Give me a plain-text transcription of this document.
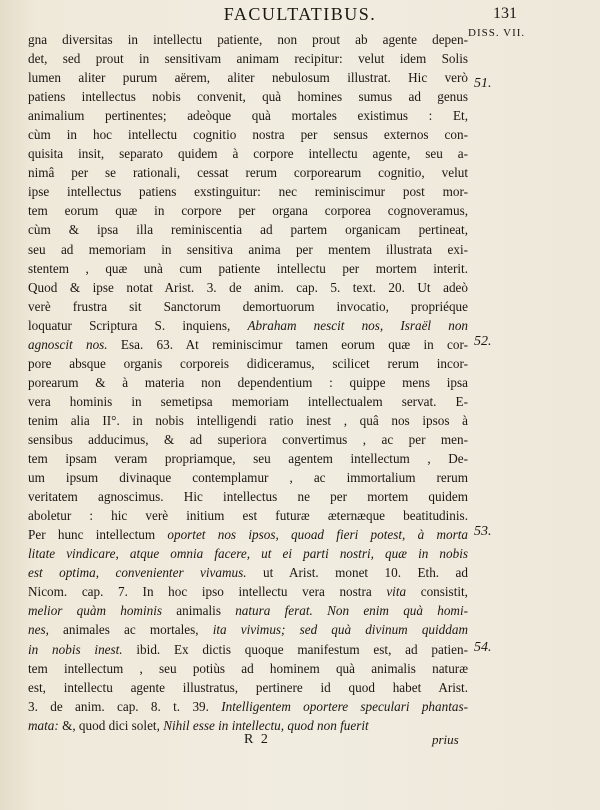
FACULTATIBUS.	131
DISS. VII.
gna diversitas in intellectu patiente, non prout ab agente depen-
det, sed prout in sensitivam animam recipitur: velut idem Solis
lumen aliter purum aërem, aliter nebulosum illustrat. Hic verò
patiens intellectus nobis convenit, quà homines sumus ad genus
animalium pertinentes; adeòque quà mortales existimus : Et,
cùm in hoc intellectu cognitio nostra per sensus externos con-
quisita insit, separato quidem à corpore intellectu agente, seu a-
nimâ per se rationali, cessat rerum corporearum cognitio, velut
ipse intellectus patiens exstinguitur: nec reminiscimur post mor-
tem eorum quæ in corpore per organa corporea cognoveramus,
cùm & ipsa illa reminiscentia ad partem organicam pertineat,
seu ad memoriam in sensitiva anima per mentem illustrata exi-
stentem , quæ unà cum patiente intellectu per mortem interit.
Quod & ipse notat Arist. 3. de anim. cap. 5. text. 20. Ut adeò
verè frustra sit Sanctorum demortuorum invocatio, propriéque
loquatur Scriptura S. inquiens, Abraham nescit nos, Israël non
agnoscit nos. Esa. 63. At reminiscimur tamen eorum quæ in cor-
pore absque organis corporeis didiceramus, scilicet rerum incor-
porearum & à materia non dependentium : quippe mens ipsa
vera hominis in semetipsa memoriam intellectualem servat. E-
tenim alia II°. in nobis intelligendi ratio inest , quâ nos ipsos à
sensibus adducimus, & ad superiora convertimus , ac per men-
tem ipsam veram propriamque, seu agentem intellectum , De-
um ipsum divinaque contemplamur , ac immortalium rerum
veritatem agnoscimus. Hic intellectus ne per mortem quidem
aboletur : hic verè initium est futuræ æternæque beatitudinis.
Per hunc intellectum oportet nos ipsos, quoad fieri potest, à morta
litate vindicare, atque omnia facere, ut ei parti nostri, quæ in nobis
est optima, convenienter vivamus. ut Arist. monet 10. Eth. ad
Nicom. cap. 7. In hoc ipso intellectu vera nostra vita consistit,
melior quàm hominis animalis natura ferat. Non enim quà homi-
nes, animales ac mortales, ita vivimus; sed quà divinum quiddam
in nobis inest. ibid. Ex dictis quoque manifestum est, ad patien-
tem intellectum , seu potiùs ad hominem quà animalis naturæ
est, intellectu agente illustratus, pertinere id quod habet Arist.
3. de anim. cap. 8. t. 39. Intelligentem oportere speculari phantas-
mata: &, quod dici solet, Nihil esse in intellectu, quod non fuerit
51.
52.
53.
54.
R 2	prius
